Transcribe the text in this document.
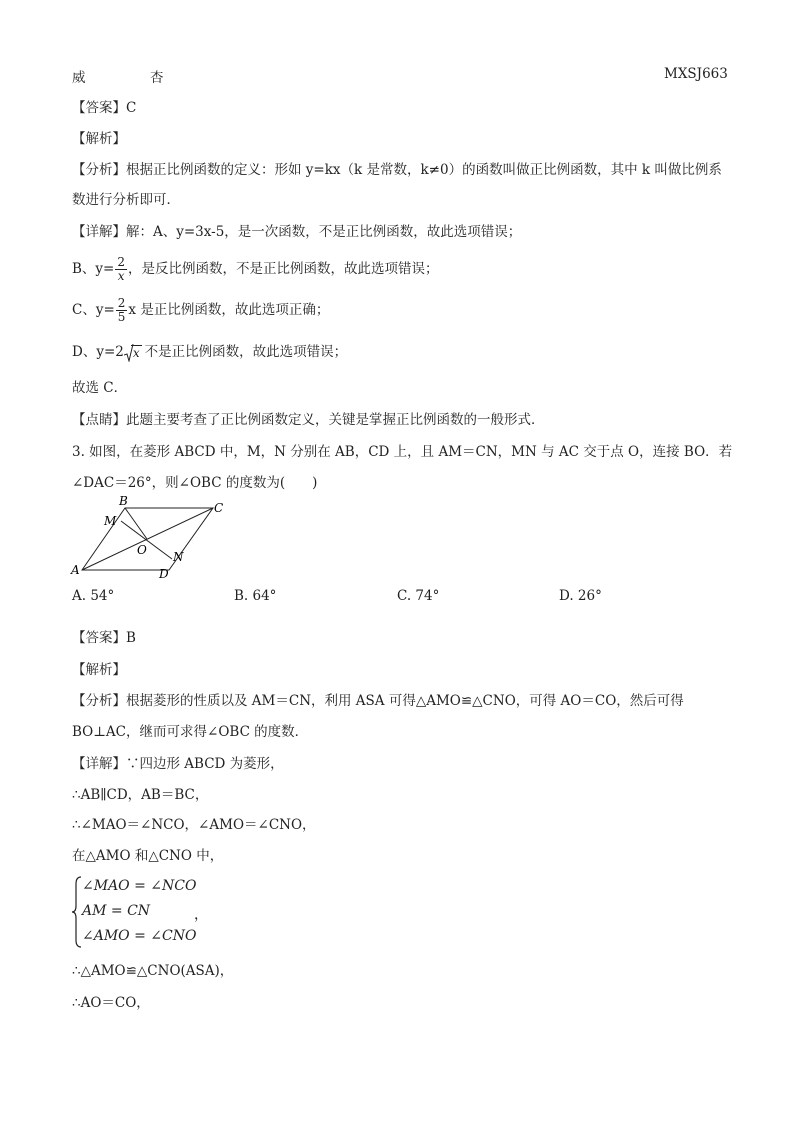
威	杏	MXSJ663
【答案】C
【解析】
【分析】根据正比例函数的定义：形如 y=kx（k 是常数，k≠0）的函数叫做正比例函数，其中 k 叫做比例系
数进行分析即可．
【详解】解：A、y=3x-5，是一次函数，不是正比例函数，故此选项错误；
B、$y= \frac{2}{x}$ ，是反比例函数，不是正比例函数，故此选项错误；
C、$y= \frac{2}{5}$ x 是正比例函数，故此选项正确；
D、y=2 x 不是正比例函数，故此选项错误；
故选 C．
【点睛】此题主要考查了正比例函数定义，关键是掌握正比例函数的一般形式．
3. 如图，在菱形 ABCD 中，M，N 分别在 AB，CD 上，且 AM＝CN，MN 与 AC 交于点 O，连接 BO．若
∠DAC＝26°，则∠OBC 的度数为(　　)
B	C
M
O N
A	D
A. 54°	B. 64°	C. 74°	D. 26°
【答案】B
【解析】
【分析】根据菱形的性质以及 AM＝CN，利用 ASA 可得△AMO≌△CNO，可得 AO＝CO，然后可得
BO⊥AC，继而可求得∠OBC 的度数．
【详解】∵四边形 ABCD 为菱形，
∴AB∥CD，AB＝BC，
∴∠MAO＝∠NCO，∠AMO＝∠CNO，
在△AMO 和△CNO 中，
∠MAO = ∠NCO
AM = CN
∠AMO = ∠CNO
，
∴△AMO≌△CNO(ASA)，
∴AO＝CO，
